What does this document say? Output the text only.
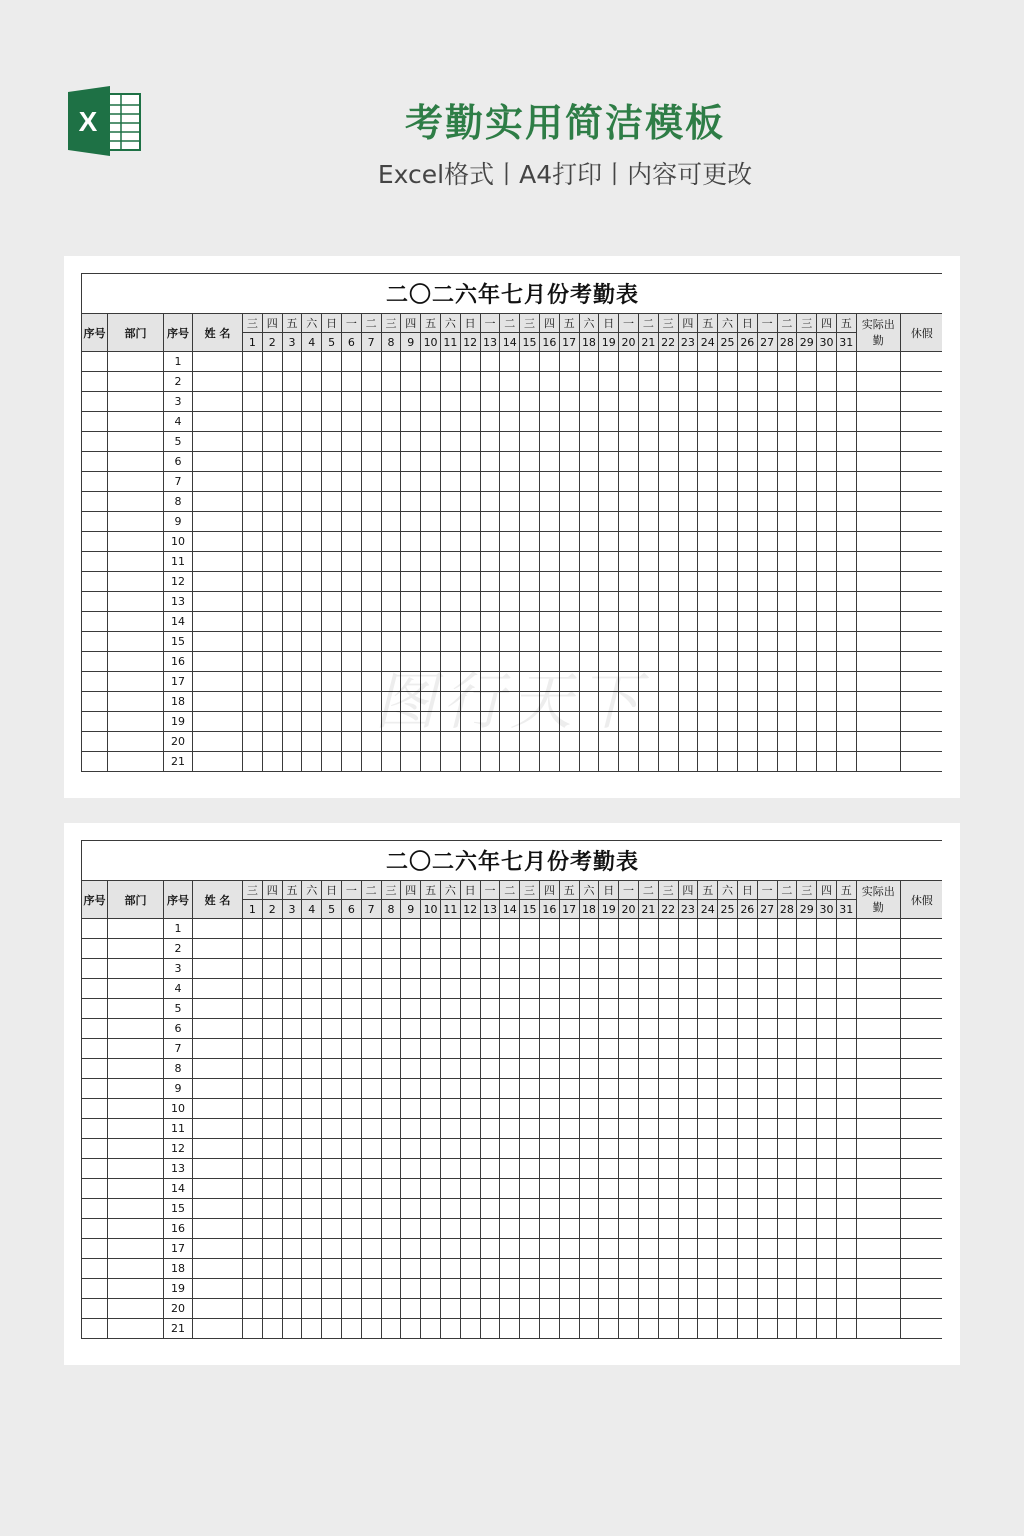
X	考勤实用简洁模板
Excel格式丨A4打印丨内容可更改
二〇二六年七月份考勤表																																				
序号	部门	序号	姓 名	三	四	五	六	日	一	二	三	四	五	六	日	一	二	三	四	五	六	日	一	二	三	四	五	六	日	一	二	三	四	五	实际出勤	休假
				1	2	3	4	5	6	7	8	9	10	11	12	13	14	15	16	17	18	19	20	21	22	23	24	25	26	27	28	29	30	31		
		1																																		
		2																																		
		3																																		
		4																																		
		5																																		
		6																																		
		7																																		
		8																																		
		9																																		
		10																																		
		11																																		
		12																																		
		13																																		
		14																																		
		15																																		
		16																																		
		17																																		
		18																																		
		19																																		
		20																																		
		21																																		
二〇二六年七月份考勤表																																				
序号	部门	序号	姓 名	三	四	五	六	日	一	二	三	四	五	六	日	一	二	三	四	五	六	日	一	二	三	四	五	六	日	一	二	三	四	五	实际出勤	休假
				1	2	3	4	5	6	7	8	9	10	11	12	13	14	15	16	17	18	19	20	21	22	23	24	25	26	27	28	29	30	31		
		1																																		
		2																																		
		3																																		
		4																																		
		5																																		
		6																																		
		7																																		
		8																																		
		9																																		
		10																																		
		11																																		
		12																																		
		13																																		
		14																																		
		15																																		
		16																																		
		17																																		
		18																																		
		19																																		
		20																																		
		21																																		
